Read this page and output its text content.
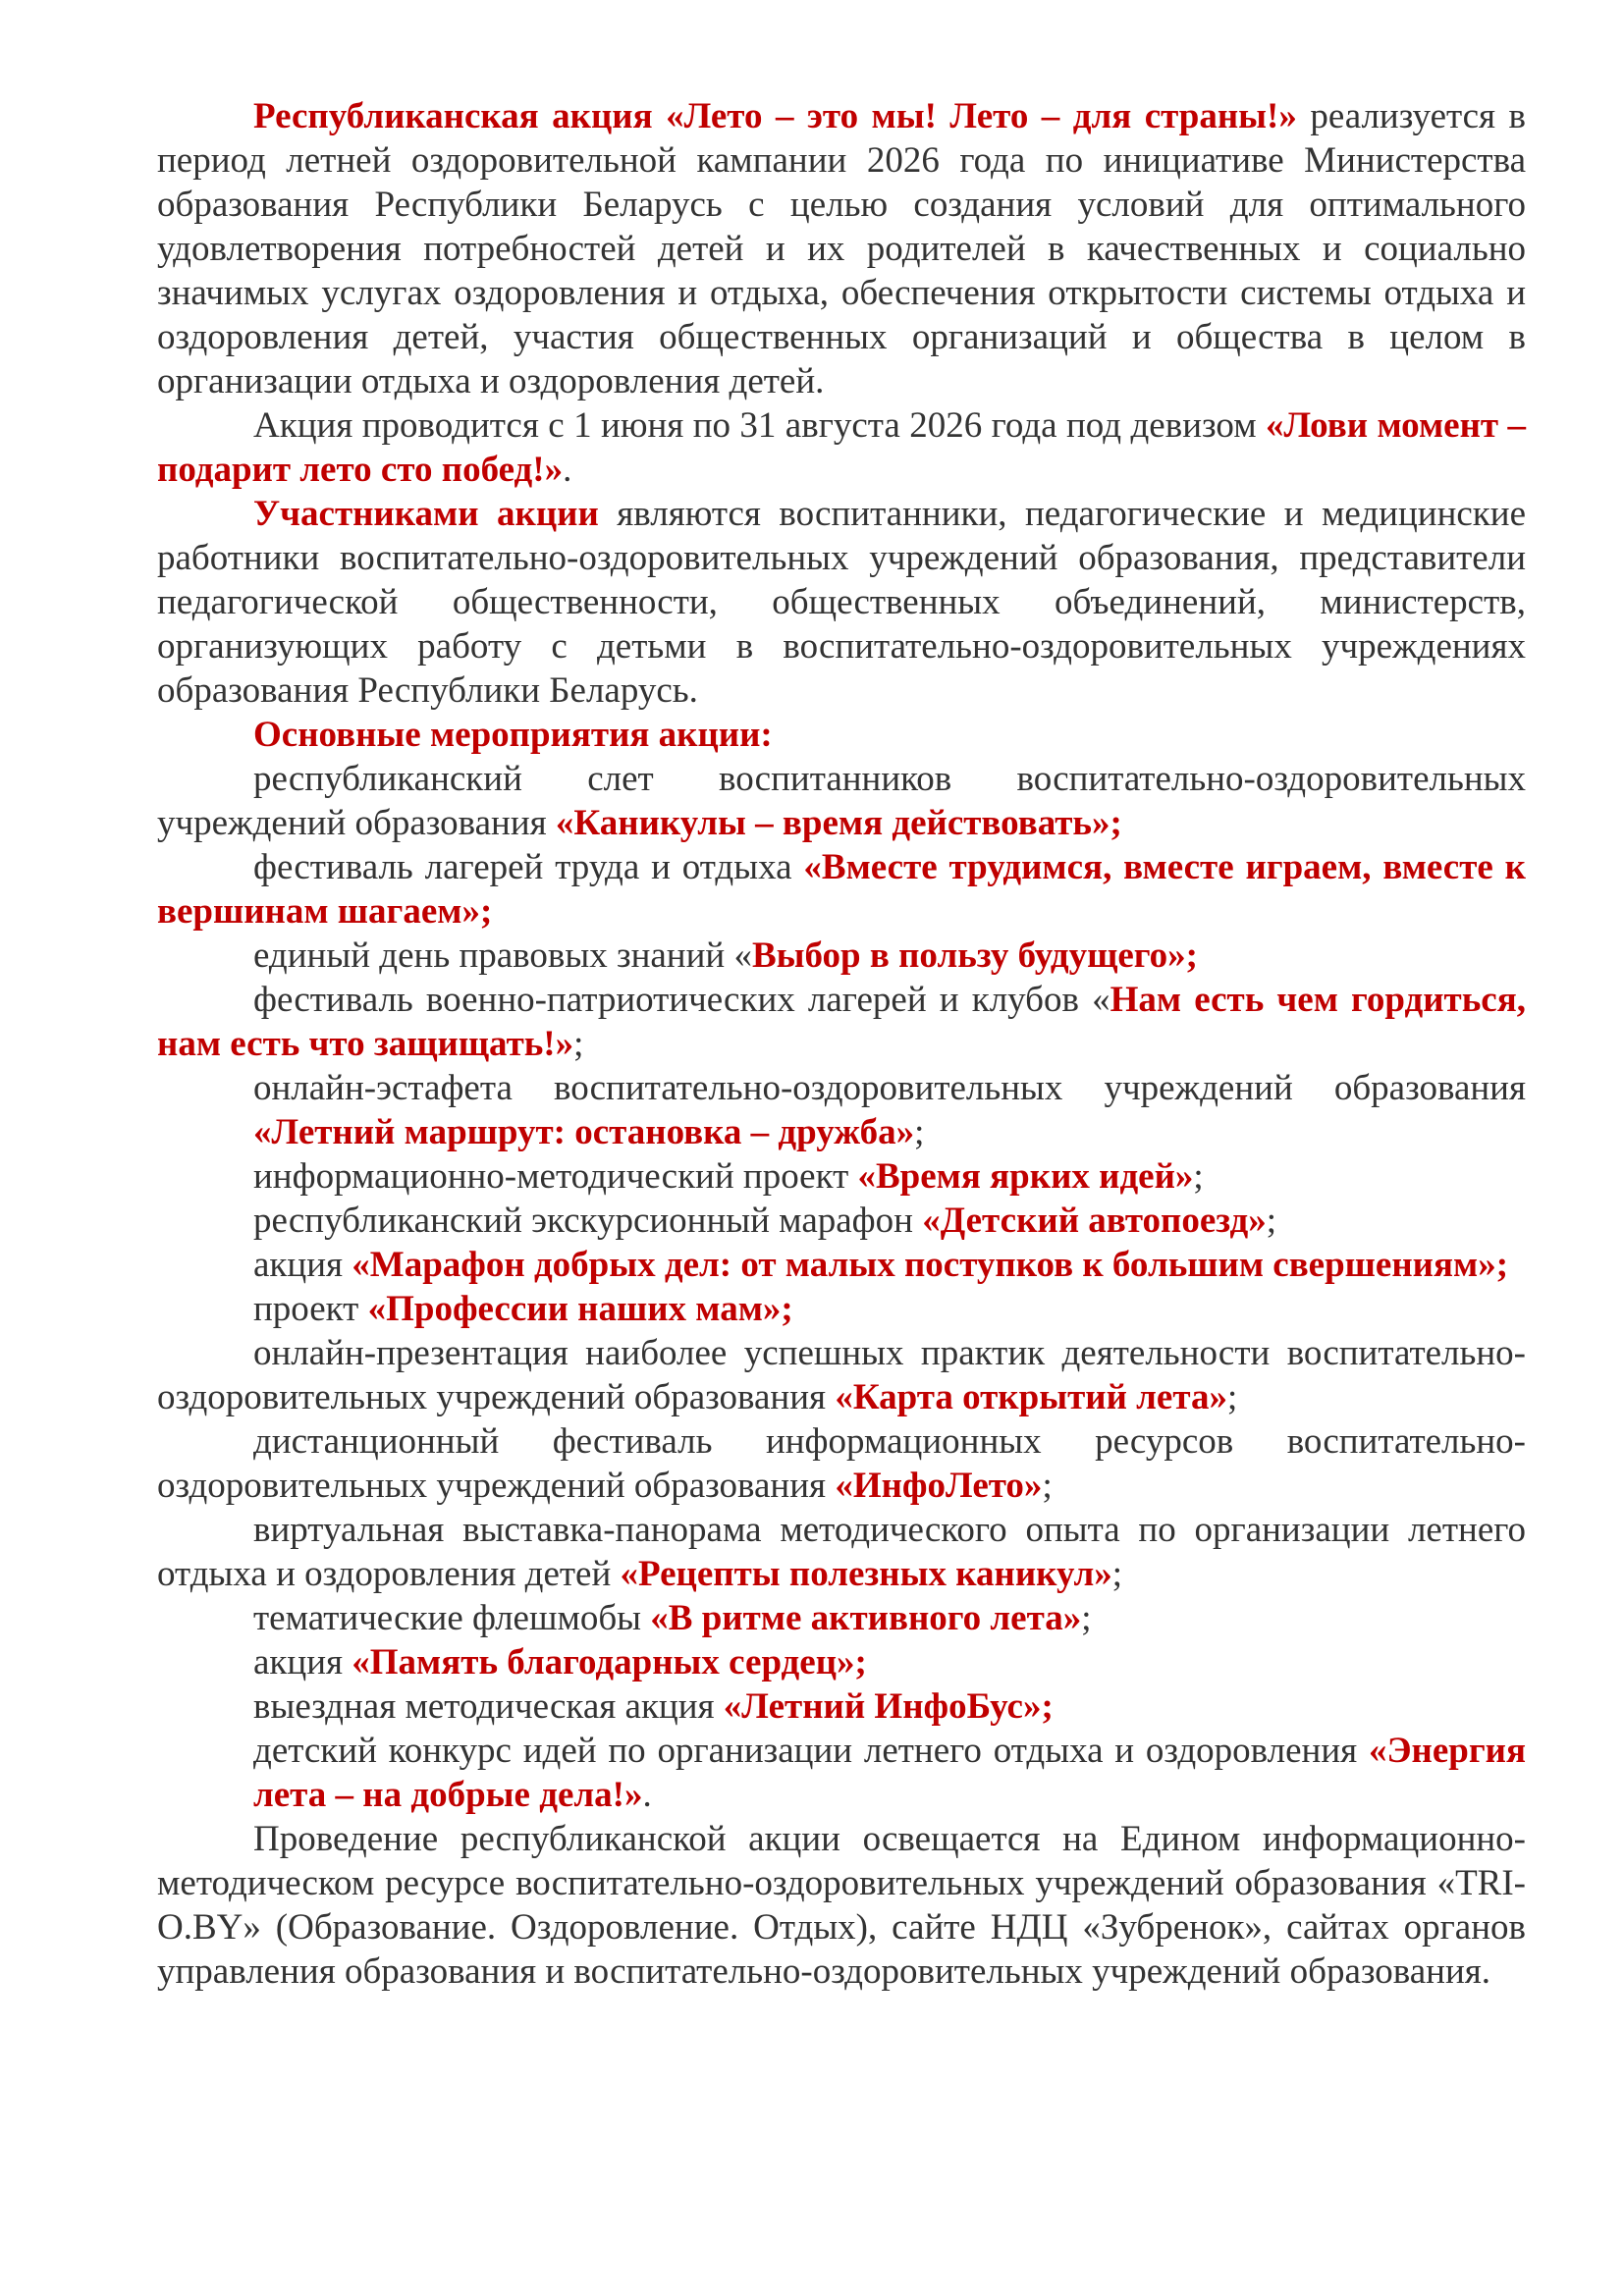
Республиканская акция «Лето – это мы! Лето – для страны!» реализуется в период летней оздоровительной кампании 2026 года по инициативе Министерства образования Республики Беларусь с целью создания условий для оптимального удовлетворения потребностей детей и их родителей в качественных и социально значимых услугах оздоровления и отдыха, обеспечения открытости системы отдыха и оздоровления детей, участия общественных организаций и общества в целом в организации отдыха и оздоровления детей.

Акция проводится с 1 июня по 31 августа 2026 года под девизом «Лови момент – подарит лето сто побед!».

Участниками акции являются воспитанники, педагогические и медицинские работники воспитательно-оздоровительных учреждений образования, представители педагогической общественности, общественных объединений, министерств, организующих работу с детьми в воспитательно-оздоровительных учреждениях образования Республики Беларусь.

Основные мероприятия акции:

республиканский слет воспитанников воспитательно-оздоровительных учреждений образования «Каникулы – время действовать»;

фестиваль лагерей труда и отдыха «Вместе трудимся, вместе играем, вместе к вершинам шагаем»;

единый день правовых знаний «Выбор в пользу будущего»;

фестиваль военно-патриотических лагерей и клубов «Нам есть чем гордиться, нам есть что защищать!»;

онлайн-эстафета воспитательно-оздоровительных учреждений образования «Летний маршрут: остановка – дружба»;

информационно-методический проект «Время ярких идей»;

республиканский экскурсионный марафон «Детский автопоезд»;

акция «Марафон добрых дел: от малых поступков к большим свершениям»;

проект «Профессии наших мам»;

онлайн-презентация наиболее успешных практик деятельности воспитательно-оздоровительных учреждений образования «Карта открытий лета»;

дистанционный фестиваль информационных ресурсов воспитательно-оздоровительных учреждений образования «ИнфоЛето»;

виртуальная выставка-панорама методического опыта по организации летнего отдыха и оздоровления детей «Рецепты полезных каникул»;

тематические флешмобы «В ритме активного лета»;

акция «Память благодарных сердец»;

выездная методическая акция «Летний ИнфоБус»;

детский конкурс идей по организации летнего отдыха и оздоровления «Энергия лета – на добрые дела!».

Проведение республиканской акции освещается на Едином информационно-методическом ресурсе воспитательно-оздоровительных учреждений образования «TRI-O.BY» (Образование. Оздоровление. Отдых), сайте НДЦ «Зубренок», сайтах органов управления образования и воспитательно-оздоровительных учреждений образования.
